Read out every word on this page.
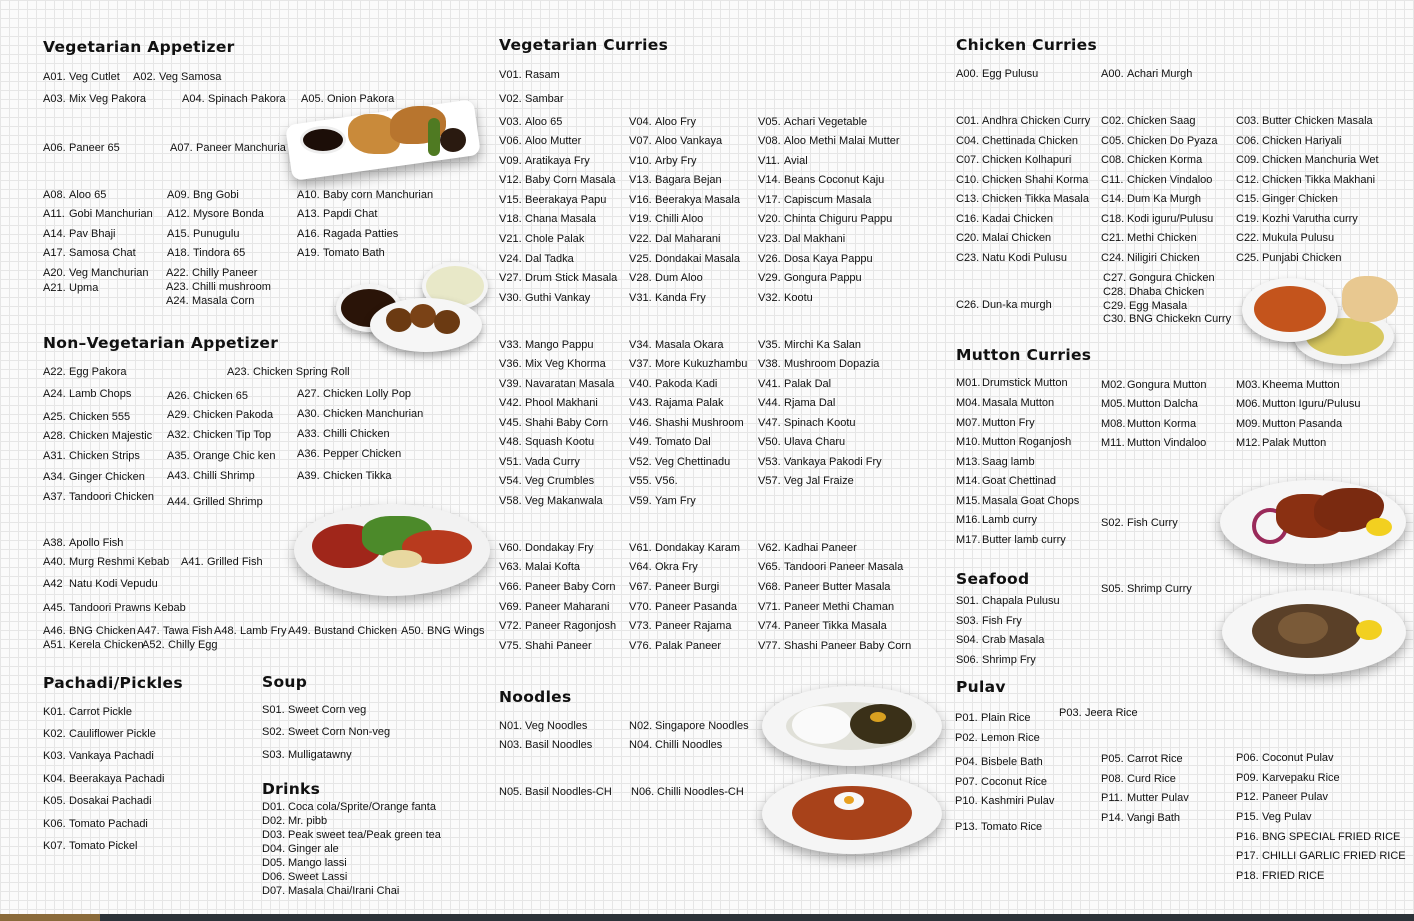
Vegetarian Appetizer
Non–Vegetarian Appetizer
Pachadi/Pickles	Soup
Drinks
Vegetarian Curries
Noodles
Chicken Curries
Mutton Curries
Seafood
Pulav
A01. Veg Cutlet A02. Veg Samosa
A03. Mix Veg Pakora	A04. Spinach Pakora A05. Onion Pakora
A06. Paneer 65	A07. Paneer Manchuria
A08. Aloo 65	A09. Bng Gobi	A10. Baby corn Manchurian
A11. Gobi Manchurian A12. Mysore Bonda	A13. Papdi Chat
A14. Pav Bhaji	A15. Punugulu	A16. Ragada Patties
A17. Samosa Chat	A18. Tindora 65	A19. Tomato Bath
A20. Veg Manchurian A22. Chilly Paneer
A21. Upma	A23. Chilli mushroom
A24. Masala Corn
A22. Egg Pakora	A23. Chicken Spring Roll
A24. Lamb Chops	A26. Chicken 65	A27. Chicken Lolly Pop
A25. Chicken 555	A29. Chicken Pakoda A30. Chicken Manchurian
A28. Chicken Majestic A32. Chicken Tip Top A33. Chilli Chicken
A31. Chicken Strips A35. Orange Chic ken A36. Pepper Chicken
A34. Ginger Chicken A43. Chilli Shrimp	A39. Chicken Tikka
A37. Tandoori Chicken A44. Grilled Shrimp
A38. Apollo Fish
A40. Murg Reshmi Kebab A41. Grilled Fish
A42 Natu Kodi Vepudu
A45. Tandoori Prawns Kebab
A46. BNG Chicken A47. Tawa Fish A48. Lamb Fry A49. Bustand Chicken A50. BNG Wings
A51. Kerela Chicken
A52. Chilly Egg
K01. Carrot Pickle
K02. Cauliflower Pickle
K03. Vankaya Pachadi
K04. Beerakaya Pachadi
K05. Dosakai Pachadi
K06. Tomato Pachadi
K07. Tomato Pickel
S01. Sweet Corn veg
S02. Sweet Corn Non-veg
S03. Mulligatawny
D01. Coca cola/Sprite/Orange fanta
D02. Mr. pibb
D03. Peak sweet tea/Peak green tea
D04. Ginger ale
D05. Mango lassi
D06. Sweet Lassi
D07. Masala Chai/Irani Chai
V01. Rasam
V02. Sambar
V03. Aloo 65	V04. Aloo Fry	V05. Achari Vegetable
V06. Aloo Mutter	V07. Aloo Vankaya	V08. Aloo Methi Malai Mutter
V09. Aratikaya Fry	V10. Arby Fry	V11. Avial
V12. Baby Corn Masala V13. Bagara Bejan	V14. Beans Coconut Kaju
V15. Beerakaya Papu V16. Beerakya Masala V17. Capiscum Masala
V18. Chana Masala	V19. Chilli Aloo	V20. Chinta Chiguru Pappu
V21. Chole Palak	V22. Dal Maharani	V23. Dal Makhani
V24. Dal Tadka	V25. Dondakai Masala V26. Dosa Kaya Pappu
V27. Drum Stick Masala V28. Dum Aloo	V29. Gongura Pappu
V30. Guthi Vankay	V31. Kanda Fry	V32. Kootu
V33. Mango Pappu	V34. Masala Okara	V35. Mirchi Ka Salan
V36. Mix Veg Khorma V37. More Kukuzhambu V38. Mushroom Dopazia
V39. Navaratan Masala V40. Pakoda Kadi	V41. Palak Dal
V42. Phool Makhani	V43. Rajama Palak	V44. Rjama Dal
V45. Shahi Baby Corn V46. Shashi Mushroom V47. Spinach Kootu
V48. Squash Kootu	V49. Tomato Dal	V50. Ulava Charu
V51. Vada Curry	V52. Veg Chettinadu	V53. Vankaya Pakodi Fry
V54. Veg Crumbles	V55. V56.	V57. Veg Jal Fraize
V58. Veg Makanwala V59. Yam Fry
V60. Dondakay Fry	V61. Dondakay Karam V62. Kadhai Paneer
V63. Malai Kofta	V64. Okra Fry	V65. Tandoori Paneer Masala
V66. Paneer Baby Corn V67. Paneer Burgi	V68. Paneer Butter Masala
V69. Paneer Maharani V70. Paneer Pasanda V71. Paneer Methi Chaman
V72. Paneer Ragonjosh V73. Paneer Rajama V74. Paneer Tikka Masala
V75. Shahi Paneer	V76. Palak Paneer	V77. Shashi Paneer Baby Corn
N01. Veg Noodles	N02. Singapore Noodles
N03. Basil Noodles	N04. Chilli Noodles
N05. Basil Noodles-CH N06. Chilli Noodles-CH
A00. Egg Pulusu	A00. Achari Murgh
C01. Andhra Chicken Curry C02. Chicken Saag	C03. Butter Chicken Masala
C04. Chettinada Chicken C05. Chicken Do Pyaza C06. Chicken Hariyali
C07. Chicken Kolhapuri	C08. Chicken Korma	C09. Chicken Manchuria Wet
C10. Chicken Shahi Korma C11. Chicken Vindaloo C12. Chicken Tikka Makhani
C13. Chicken Tikka Masala C14. Dum Ka Murgh	C15. Ginger Chicken
C16. Kadai Chicken	C18. Kodi iguru/Pulusu C19. Kozhi Varutha curry
C20. Malai Chicken	C21. Methi Chicken	C22. Mukula Pulusu
C23. Natu Kodi Pulusu	C24. Niligiri Chicken	C25. Punjabi Chicken
C27. Gongura Chicken
C28. Dhaba Chicken
C29. Egg Masala
C30. BNG Chickekn Curry
C26. Dun-ka murgh
M01. Drumstick Mutton	M02. Gongura Mutton	M03. Kheema Mutton
M04. Masala Mutton	M05. Mutton Dalcha	M06. Mutton Iguru/Pulusu
M07. Mutton Fry	M08. Mutton Korma	M09. Mutton Pasanda
M10. Mutton Roganjosh	M11. Mutton Vindaloo	M12. Palak Mutton
M13. Saag lamb
M14. Goat Chettinad
M15. Masala Goat Chops
M16. Lamb curry
M17. Butter lamb curry
S02. Fish Curry
S05. Shrimp Curry
S01. Chapala Pulusu
S03. Fish Fry
S04. Crab Masala
S06. Shrimp Fry
P01. Plain Rice	P03. Jeera Rice
P02. Lemon Rice
P04. Bisbele Bath	P05. Carrot Rice	P06. Coconut Pulav
P07. Coconut Rice	P08. Curd Rice	P09. Karvepaku Rice
P10. Kashmiri Pulav	P11. Mutter Pulav	P12. Paneer Pulav
P13. Tomato Rice
P14. Vangi Bath	P15. Veg Pulav
P16. BNG SPECIAL FRIED RICE
P17. CHILLI GARLIC FRIED RICE
P18. FRIED RICE
